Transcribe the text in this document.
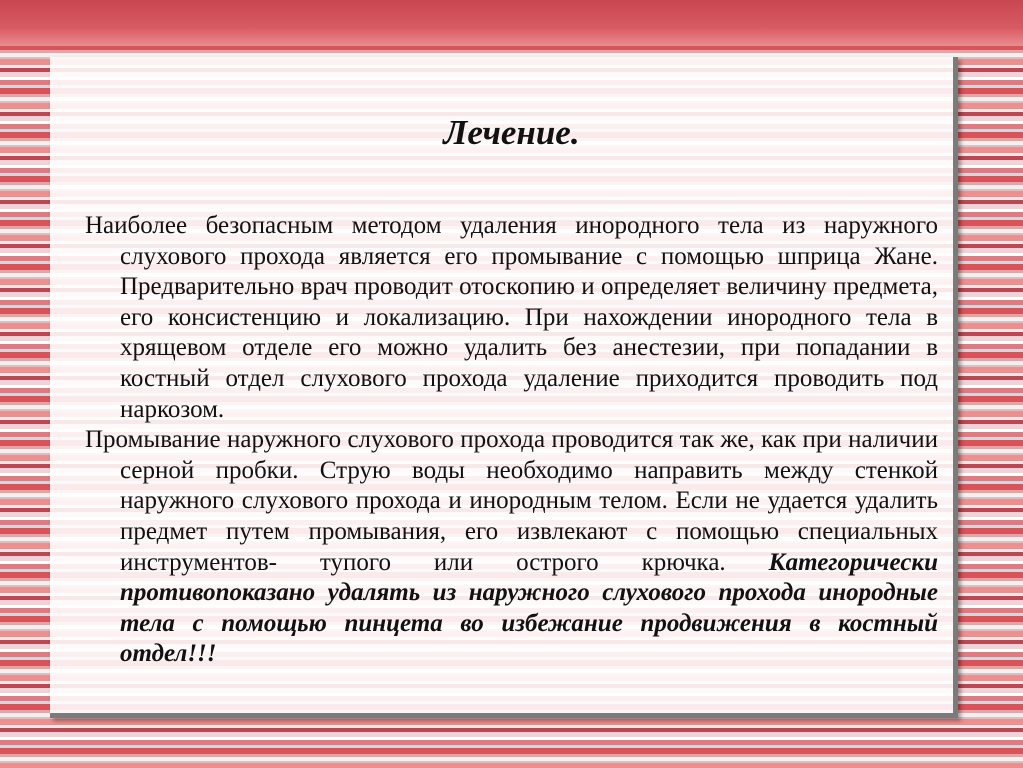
Лечение.

Наиболее безопасным методом удаления инородного тела из наружного слухового прохода является его промывание с помощью шприца Жане. Предварительно врач проводит отоскопию и определяет величину предмета, его консистенцию и локализацию. При нахождении инородного тела в хрящевом отделе его можно удалить без анестезии, при попадании в костный отдел слухового прохода удаление приходится проводить под наркозом.

Промывание наружного слухового прохода проводится так же, как при наличии серной пробки. Струю воды необходимо направить между стенкой наружного слухового прохода и инородным телом. Если не удается удалить предмет путем промывания, его извлекают с помощью специальных инструментов- тупого или острого крючка. Категорически противопоказано удалять из наружного слухового прохода инородные тела с помощью пинцета во избежание продвижения в костный отдел!!!
